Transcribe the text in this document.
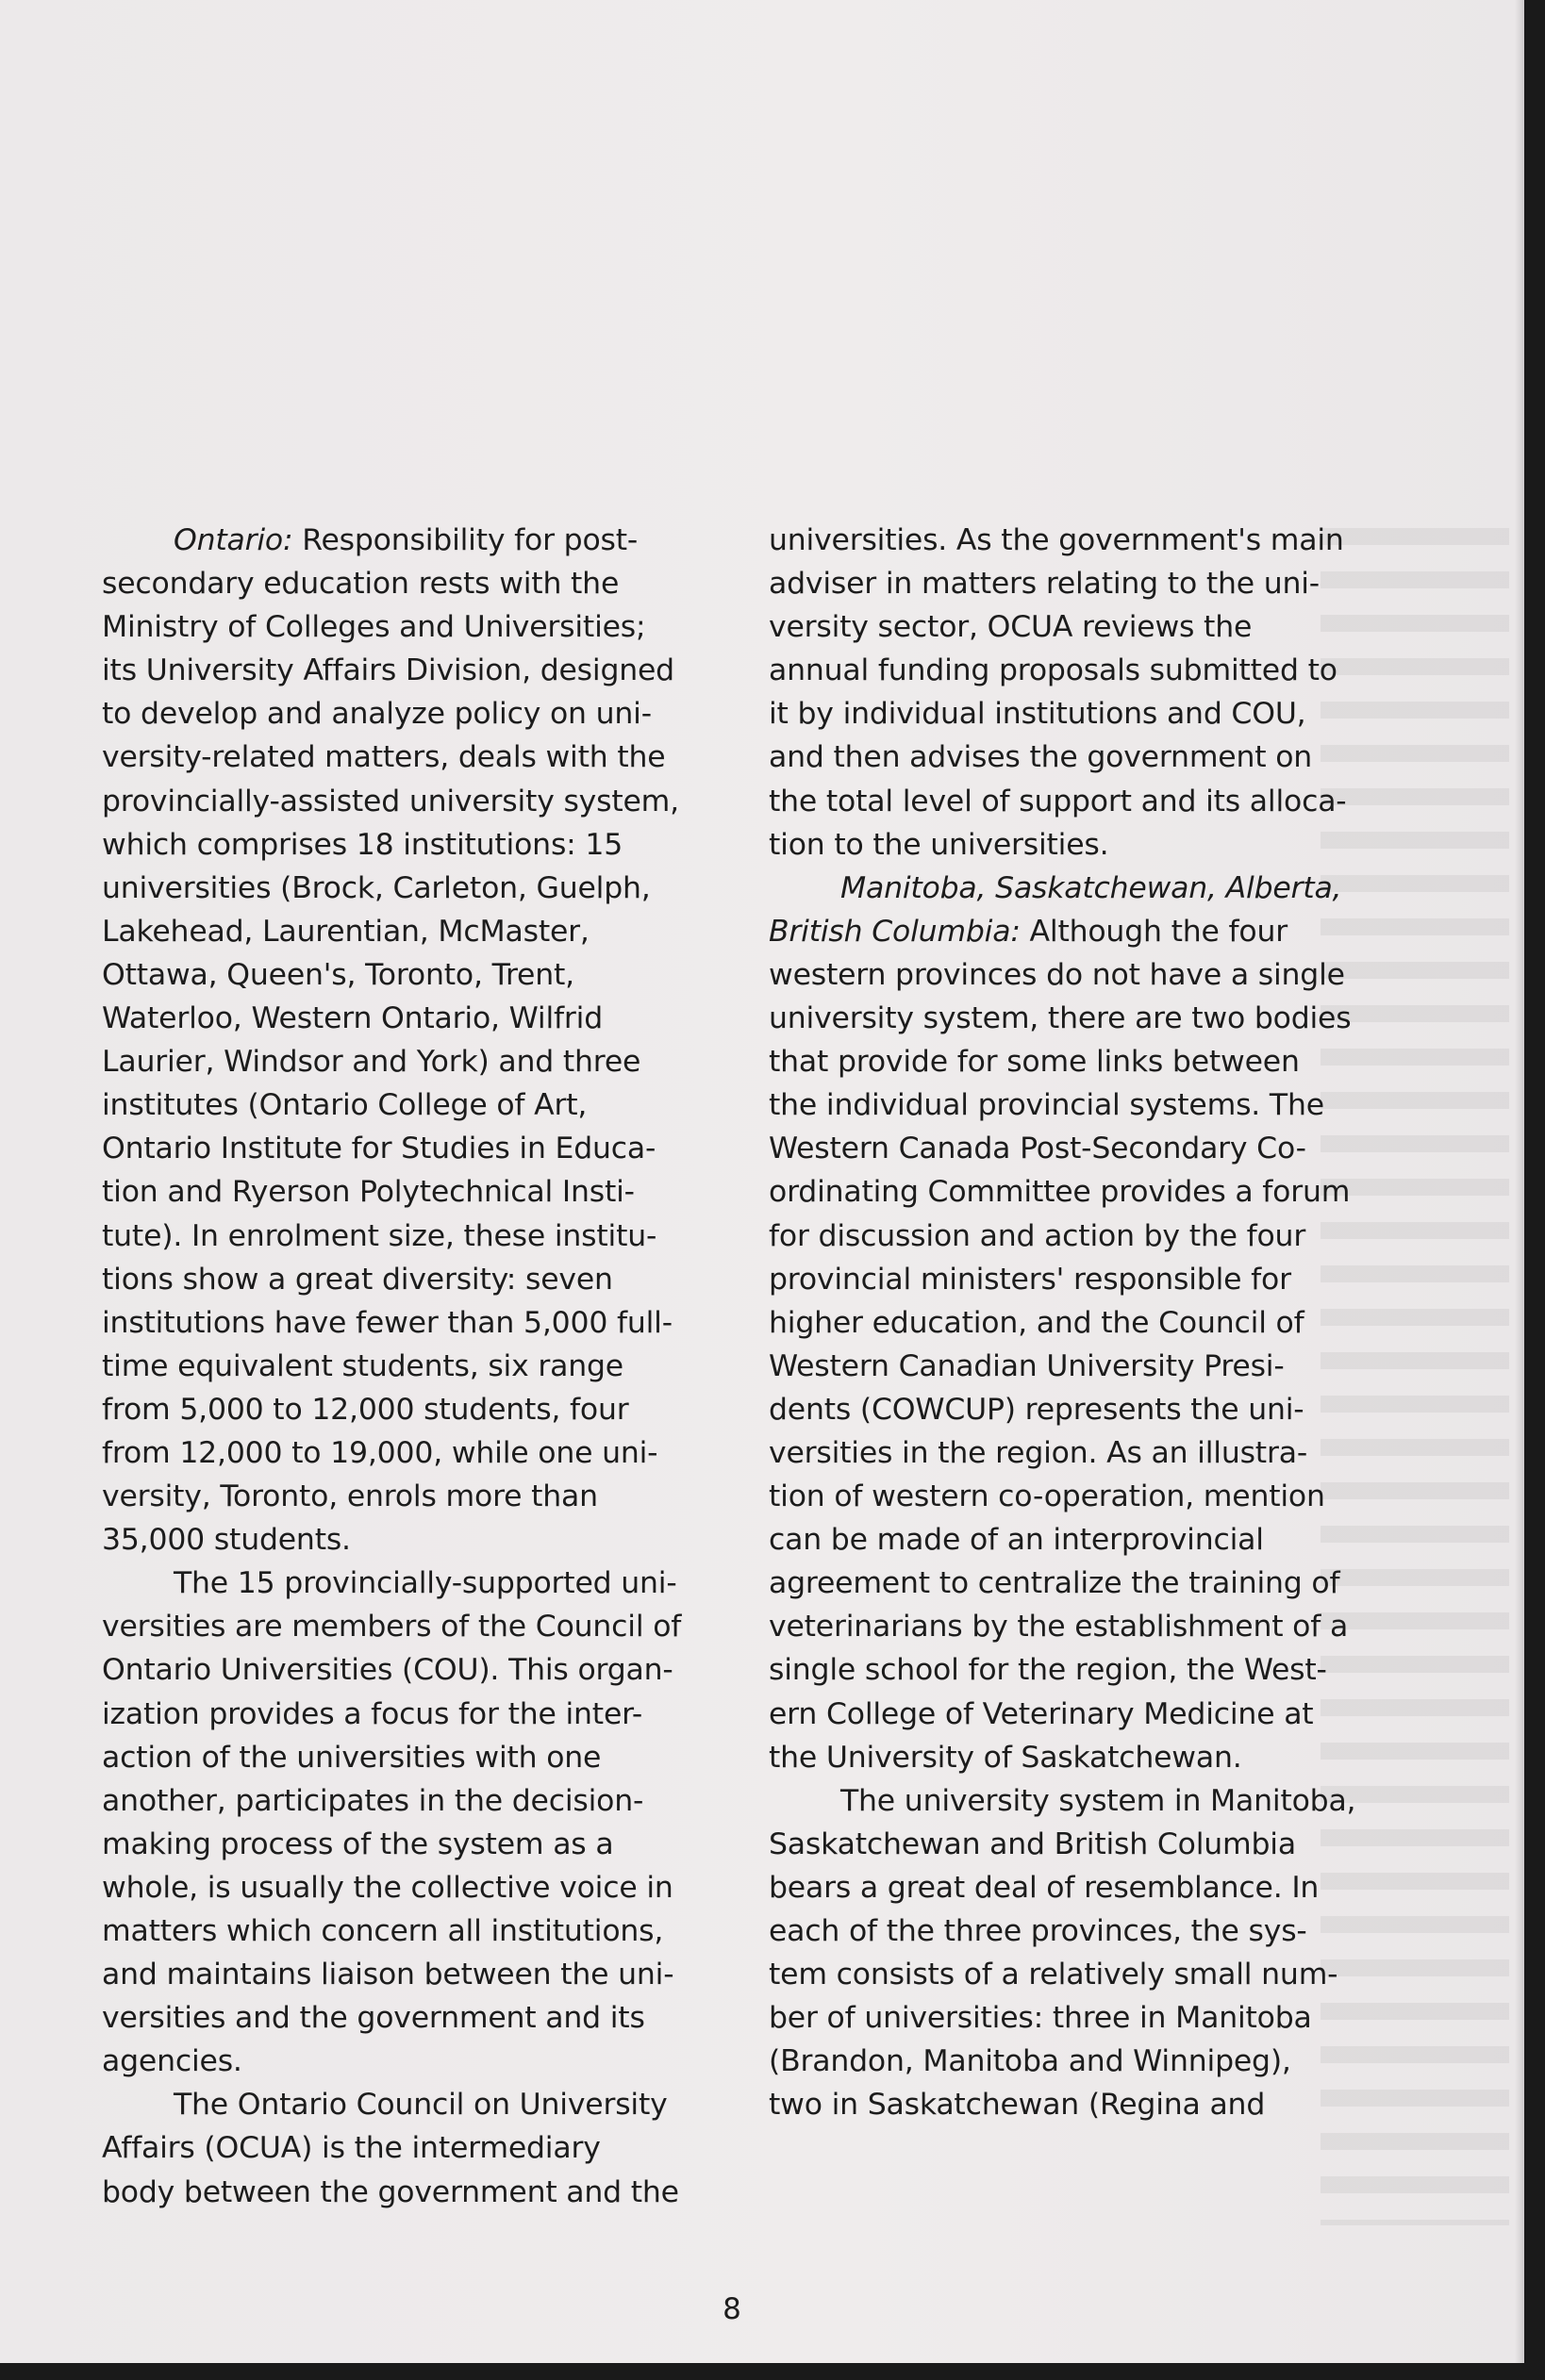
Ontario: Responsibility for post-
secondary education rests with the
Ministry of Colleges and Universities;
its University Affairs Division, designed
to develop and analyze policy on uni-
versity-related matters, deals with the
provincially-assisted university system,
which comprises 18 institutions: 15
universities (Brock, Carleton, Guelph,
Lakehead, Laurentian, McMaster,
Ottawa, Queen's, Toronto, Trent,
Waterloo, Western Ontario, Wilfrid
Laurier, Windsor and York) and three
institutes (Ontario College of Art,
Ontario Institute for Studies in Educa-
tion and Ryerson Polytechnical Insti-
tute). In enrolment size, these institu-
tions show a great diversity: seven
institutions have fewer than 5,000 full-
time equivalent students, six range
from 5,000 to 12,000 students, four
from 12,000 to 19,000, while one uni-
versity, Toronto, enrols more than
35,000 students.
The 15 provincially-supported uni-
versities are members of the Council of
Ontario Universities (COU). This organ-
ization provides a focus for the inter-
action of the universities with one
another, participates in the decision-
making process of the system as a
whole, is usually the collective voice in
matters which concern all institutions,
and maintains liaison between the uni-
versities and the government and its
agencies.
The Ontario Council on University
Affairs (OCUA) is the intermediary
body between the government and the
universities. As the government's main
adviser in matters relating to the uni-
versity sector, OCUA reviews the
annual funding proposals submitted to
it by individual institutions and COU,
and then advises the government on
the total level of support and its alloca-
tion to the universities.
Manitoba, Saskatchewan, Alberta,
British Columbia: Although the four
western provinces do not have a single
university system, there are two bodies
that provide for some links between
the individual provincial systems. The
Western Canada Post-Secondary Co-
ordinating Committee provides a forum
for discussion and action by the four
provincial ministers' responsible for
higher education, and the Council of
Western Canadian University Presi-
dents (COWCUP) represents the uni-
versities in the region. As an illustra-
tion of western co-operation, mention
can be made of an interprovincial
agreement to centralize the training of
veterinarians by the establishment of a
single school for the region, the West-
ern College of Veterinary Medicine at
the University of Saskatchewan.
The university system in Manitoba,
Saskatchewan and British Columbia
bears a great deal of resemblance. In
each of the three provinces, the sys-
tem consists of a relatively small num-
ber of universities: three in Manitoba
(Brandon, Manitoba and Winnipeg),
two in Saskatchewan (Regina and
8
